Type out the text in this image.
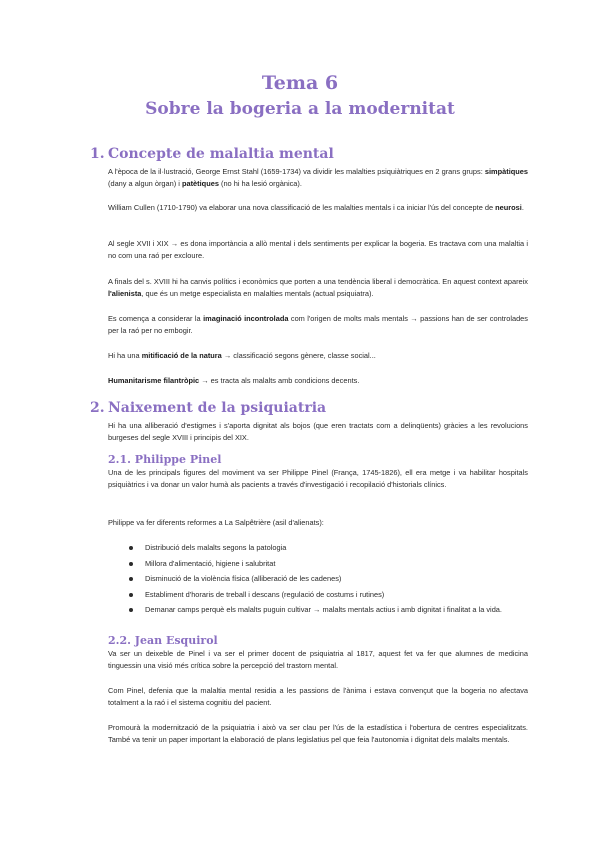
Tema 6
Sobre la bogeria a la modernitat
1. Concepte de malaltia mental

A l'època de la il·lustració, George Ernst Stahl (1659-1734) va dividir les malalties psiquiàtriques en 2 grans grups: simpàtiques (dany a algun òrgan) i patètiques (no hi ha lesió orgànica).

William Cullen (1710-1790) va elaborar una nova classificació de les malalties mentals i ca iniciar l'ús del concepte de neurosi.

Al segle XVII i XIX → es dona importància a allò mental i dels sentiments per explicar la bogeria. Es tractava com una malaltia i no com una raó per excloure.

A finals del s. XVIII hi ha canvis polítics i econòmics que porten a una tendència liberal i democràtica. En aquest context apareix l'alienista, que és un metge especialista en malalties mentals (actual psiquiatra).

Es comença a considerar la imaginació incontrolada com l'origen de molts mals mentals → passions han de ser controlades per la raó per no embogir.

Hi ha una mitificació de la natura → classificació segons gènere, classe social...

Humanitarisme filantròpic → es tracta als malalts amb condicions decents.

2. Naixement de la psiquiatria

Hi ha una alliberació d'estigmes i s'aporta dignitat als bojos (que eren tractats com a delinqüents) gràcies a les revolucions burgeses del segle XVIII i principis del XIX.

2.1. Philippe Pinel

Una de les principals figures del moviment va ser Philippe Pinel (França, 1745-1826), ell era metge i va habilitar hospitals psiquiàtrics i va donar un valor humà als pacients a través d'investigació i recopilació d'historials clínics.

Philippe va fer diferents reformes a La Salpêtrière (asil d'alienats):

Distribució dels malalts segons la patologia
Millora d'alimentació, higiene i salubritat
Disminució de la violència física (alliberació de les cadenes)
Establiment d'horaris de treball i descans (regulació de costums i rutines)
Demanar camps perquè els malalts puguin cultivar → malalts mentals actius i amb dignitat i finalitat a la vida.
2.2. Jean Esquirol

Va ser un deixeble de Pinel i va ser el primer docent de psiquiatria al 1817, aquest fet va fer que alumnes de medicina tinguessin una visió més crítica sobre la percepció del trastorn mental.

Com Pinel, defenia que la malaltia mental residia a les passions de l'ànima i estava convençut que la bogeria no afectava totalment a la raó i el sistema cognitiu del pacient.

Promourà la modernització de la psiquiatria i això va ser clau per l'ús de la estadística i l'obertura de centres especialitzats. També va tenir un paper important la elaboració de plans legislatius pel que feia l'autonomia i dignitat dels malalts mentals.
